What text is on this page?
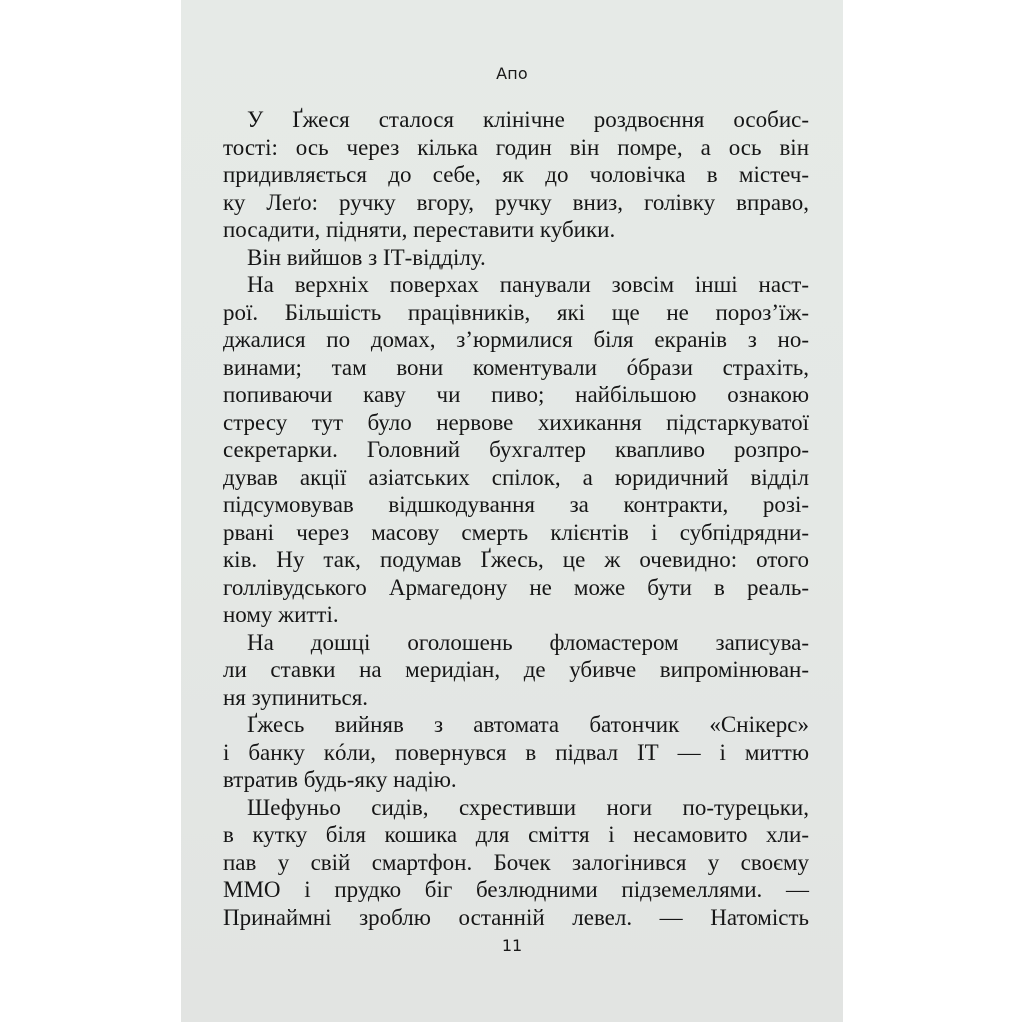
Апо
У Ґжеся сталося клінічне роздвоєння особис-
тості: ось через кілька годин він помре, а ось він
придивляється до себе, як до чоловічка в містеч-
ку Леґо: ручку вгору, ручку вниз, голівку вправо,
посадити, підняти, переставити кубики.
Він вийшов з ІТ-відділу.
На верхніх поверхах панували зовсім інші наст-
рої. Більшість працівників, які ще не пороз’їж-
джалися по домах, з’юрмилися біля екранів з но-
винами; там вони коментували óбрази страхіть,
попиваючи каву чи пиво; найбільшою ознакою
стресу тут було нервове хихикання підстаркуватої
секретарки. Головний бухгалтер квапливо розпро-
дував акції азіатських спілок, а юридичний відділ
підсумовував відшкодування за контракти, розі-
рвані через масову смерть клієнтів і субпідрядни-
ків. Ну так, подумав Ґжесь, це ж очевидно: отого
голлівудського Армагедону не може бути в реаль-
ному житті.
На дошці оголошень фломастером записува-
ли ставки на меридіан, де убивче випромінюван-
ня зупиниться.
Ґжесь вийняв з автомата батончик «Снікерс»
і банку кóли, повернувся в підвал ІТ — і миттю
втратив будь-яку надію.
Шефуньо сидів, схрестивши ноги по-турецьки,
в кутку біля кошика для сміття і несамовито хли-
пав у свій смартфон. Бочек залогінився у своєму
ММО і прудко біг безлюдними підземеллями. —
Принаймні зроблю останній левел. — Натомість
11
